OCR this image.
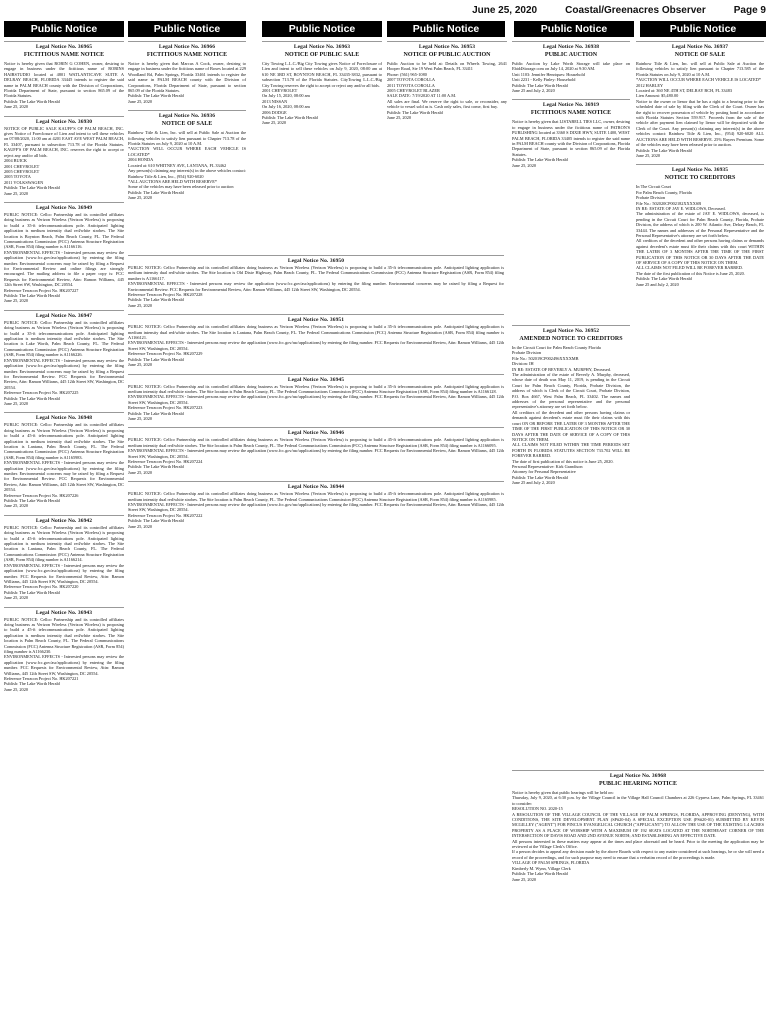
June 25, 2020	Coastal/Greenacres Observer	Page 9
Public Notice	Public Notice	Public Notice	Public Notice	Public Notice	Public Notice
Legal Notice No. 36965
FICTITIOUS NAME NOTICE
Notice is hereby given that ROBIN G COHEN, owner, desiring to engage in business under the fictitious name of ROBINS HAIRSTUDIO located at 4801 WATLANTICAVE SUITE A DELRAY BEACH, FLORIDA 33445 intends to register the said name in PALM BEACH county with the Division of Corporations, Florida Department of State, pursuant to section 865.09 of the Florida Statutes.
Publish: The Lake Worth Herald
June 25, 2020
Legal Notice No. 36930
NOTICE OF PUBLIC SALE KAUFF'S OF PALM BEACH, INC. gives Notice of Foreclosure of Lien and intent to sell these vehicles on 07/08/2020, 11:00 am at 4201 EAST AVE WEST PALM BEACH, FL 33407, pursuant to subsection 713.78 of the Florida Statutes. KAUFF'S OF PALM BEACH, INC. reserves the right to accept or reject any and/or all bids.
2004 BUICK
2001 CHEVROLET
2005 CHEVROLET
2005 TOYOTA
2011 VOLKSWAGEN
Publish: The Lake Worth Herald
June 25, 2020
Legal Notice No. 36949
PUBLIC NOTICE: Cellco Partnership and its controlled affiliates doing business as Verizon Wireless (Verizon Wireless) is proposing to build a 35-ft telecommunications pole. Anticipated lighting application is medium intensity dual red/white strobes. The Site location is Boynton Beach, Palm Beach County, FL. The Federal Communications Commission (FCC) Antenna Structure Registration (ASR, Form 854) filing number is A1166116.
ENVIRONMENTAL EFFECTS - Interested persons may review the application (www.fcc.gov/asr/applications) by entering the filing number. Environmental concerns may be raised by filing a Request for Environmental Review and online filings are strongly encouraged. The mailing address to file a paper copy is: FCC Requests for Environmental Review, Attn: Ramon Williams, 445 12th Street SW, Washington, DC 20554.
Reference Terracon Project No. HK207227
Publish: The Lake Worth Herald
June 25, 2020
Legal Notice No. 36947
PUBLIC NOTICE: Cellco Partnership and its controlled affiliates doing business as Verizon Wireless (Verizon Wireless) is proposing to build a 35-ft telecommunications pole. Anticipated lighting application is medium intensity dual red/white strobes. The Site location is Lake Worth, Palm Beach County, FL. The Federal Communications Commission (FCC) Antenna Structure Registration (ASR, Form 854) filing number is A1166226.
ENVIRONMENTAL EFFECTS - Interested persons may review the application (www.fcc.gov/asr/applications) by entering the filing number. Environmental concerns may be raised by filing a Request for Environmental Review. FCC Requests for Environmental Review, Attn: Ramon Williams, 445 12th Street SW, Washington, DC 20554.
Reference Terracon Project No. HK207225
Publish: The Lake Worth Herald
June 25, 2020
Legal Notice No. 36948
PUBLIC NOTICE: Cellco Partnership and its controlled affiliates doing business as Verizon Wireless (Verizon Wireless) is proposing to build a 45-ft telecommunications pole. Anticipated lighting application is medium intensity dual red/white strobes. The Site location is Lantana, Palm Beach County, FL. The Federal Communications Commission (FCC) Antenna Structure Registration (ASR, Form 854) filing number is A1165983.
ENVIRONMENTAL EFFECTS - Interested persons may review the application (www.fcc.gov/asr/applications) by entering the filing number. Environmental concerns may be raised by filing a Request for Environmental Review. FCC Requests for Environmental Review, Attn: Ramon Williams, 445 12th Street SW, Washington, DC 20554.
Reference Terracon Project No. HK207226
Publish: The Lake Worth Herald
June 25, 2020
Legal Notice No. 36942
PUBLIC NOTICE: Cellco Partnership and its controlled affiliates doing business as Verizon Wireless (Verizon Wireless) is proposing to build a 45-ft telecommunications pole. Anticipated lighting application is medium intensity dual red/white strobes. The Site location is Lantana, Palm Beach County, FL. The Federal Communications Commission (FCC) Antenna Structure Registration (ASR, Form 854) filing number is A1166214.
ENVIRONMENTAL EFFECTS - Interested persons may review the application (www.fcc.gov/asr/applications) by entering the filing number. FCC Requests for Environmental Review, Attn: Ramon Williams, 445 12th Street SW, Washington, DC 20554.
Reference Terracon Project No. HK207220
Publish: The Lake Worth Herald
June 25, 2020
Legal Notice No. 36943
PUBLIC NOTICE: Cellco Partnership and its controlled affiliates doing business as Verizon Wireless (Verizon Wireless) is proposing to build a 45-ft telecommunications pole. Anticipated lighting application is medium intensity dual red/white strobes. The Site location is Palm Beach County, FL. The Federal Communications Commission (FCC) Antenna Structure Registration (ASR, Form 854) filing number is A1166230.
ENVIRONMENTAL EFFECTS - Interested persons may review the application (www.fcc.gov/asr/applications) by entering the filing number. FCC Requests for Environmental Review, Attn: Ramon Williams, 445 12th Street SW, Washington, DC 20554.
Reference Terracon Project No. HK207221
Publish: The Lake Worth Herald
June 25, 2020
Legal Notice No. 36966
FICTITIOUS NAME NOTICE
Notice is hereby given that Marcus A Cook, owner, desiring to engage in business under the fictitious name of Boxes located at 229 Woodland Rd, Palm Springs, Florida 33461 intends to register the said name in PALM BEACH county with the Division of Corporations, Florida Department of State, pursuant to section 865.09 of the Florida Statutes.
Publish: The Lake Worth Herald
June 25, 2020
Legal Notice No. 36936
NOTICE OF SALE
Rainbow Title & Lien, Inc. will sell at Public Sale at Auction the following vehicles to satisfy lien pursuant to Chapter 713.78 of the Florida Statutes on July 9, 2020 at 10 A.M.
*AUCTION WILL OCCUR WHERE EACH VEHICLE IS LOCATED*
2004 HONDA
Located at: 610 WHITNEY AVE, LANTANA, FL 33462
Any person(s) claiming any interest(s) in the above vehicles contact: Rainbow Title & Lien, Inc., (954) 920-6020
*ALL AUCTIONS ARE HELD WITH RESERVE*
Some of the vehicles may have been released prior to auction
Publish: The Lake Worth Herald
June 25, 2020
Legal Notice No. 36963
NOTICE OF PUBLIC SALE
City Towing L.L.C./Big City Towing gives Notice of Foreclosure of Lien and intent to sell these vehicles on July 9, 2020, 08:00 am at 610 NE 3RD ST, BOYNTON BEACH, FL 33435-3832, pursuant to subsection 713.78 of the Florida Statutes. CityTowing L.L.C./Big City Towing reserves the right to accept or reject any and/or all bids.
2001 CHEVROLET
On July 15, 2020, 08:00 am
2013 NISSAN
On July 16, 2020, 08:00 am
2006 DODGE
Publish: The Lake Worth Herald
June 25, 2020
Legal Notice No. 36953
NOTICE OF PUBLIC AUCTION
Public Auction to be held at: Details on Wheels Towing, 2641 Hooper Road, Ste 19 West Palm Beach, FL 33411
Phone: (561) 965-1080
2007 TOYOTA COROLLA
2011 TOYOTA COROLLA
2005 CHEVROLET BLAZER
SALE DATE: 7/19/2020 AT 11:00 A.M.
All sales are final. We reserve the right to sale, or reconsider, any vehicle to vessel sold as is. Cash only sales, first come, first buy.
Publish: The Lake Worth Herald
June 25, 2020
Legal Notice No. 36938
PUBLIC AUCTION
Public Auction by Lake Worth Storage will take place on Ebid4Storage.com on July 14, 2020 at 9:30 AM.
Unit 1103: Jennifer Henriques: Household
Unit 2231 - Kelly Finley: Household
Publish: The Lake Worth Herald
June 25 and July 2, 2020
Legal Notice No. 36919
FICTITIOUS NAME NOTICE
Notice is hereby given that LISTABELL TIES LLC, owner, desiring to engage in business under the fictitious name of PATRON'S PUBLISHING located at 3360 S DIXIE HWY, SUITE 1400, WEST PALM BEACH, FLORIDA 33405 intends to register the said name in PALM BEACH county with the Division of Corporations, Florida Department of State, pursuant to section 865.09 of the Florida Statutes.
Publish: The Lake Worth Herald
June 25, 2020
Legal Notice No. 36937
NOTICE OF SALE
Rainbow Title & Lien, Inc. will sell at Public Sale at Auction the following vehicles to satisfy lien pursuant to Chapter 713.585 of the Florida Statutes on July 9, 2020 at 10 A.M.
*AUCTION WILL OCCUR WHERE EACH VEHICLE IS LOCATED*
2012 HARLEY
Located at: 360 NE 4TH ST, DELRAY BCH, FL 33483
Lien Amount: $5,480.00
Notice to the owner or lienor that he has a right to a hearing prior to the scheduled date of sale by filing with the Clerk of the Court. Owner has the right to recover possession of vehicle by posting bond in accordance with Florida Statutes Section 559.917. Proceeds from the sale of the vehicle after payment lien claimed by lienor will be deposited with the Clerk of the Court. Any person(s) claiming any interest(s) in the above vehicles contact: Rainbow Title & Lien, Inc., (954) 920-6020 ALL AUCTIONS ARE HELD WITH RESERVE. 25% Buyers Premium. Some of the vehicles may have been released prior to auction.
Publish: The Lake Worth Herald
June 25, 2020
Legal Notice No. 36935
NOTICE TO CREDITORS
In The Circuit Court
For Palm Beach County, Florida
Probate Division
File No.: 502020CP002182XXXXSB
IN RE: ESTATE OF JAY E. WIDLOWS, Deceased.
The administration of the estate of JAY E. WIDLOWS, deceased, is pending in the Circuit Court for Palm Beach County, Florida, Probate Division, the address of which is 200 W. Atlantic Ave, Delray Beach, FL 33444. The names and addresses of the Personal Representative and the Personal Representative's attorney are set forth below.
All creditors of the decedent and other persons having claims or demands against decedent's estate must file their claims with this court WITHIN THE LATER OF 3 MONTHS AFTER THE TIME OF THE FIRST PUBLICATION OF THIS NOTICE OR 30 DAYS AFTER THE DATE OF SERVICE OF A COPY OF THIS NOTICE ON THEM.
ALL CLAIMS NOT FILED WILL BE FOREVER BARRED.
The date of the first publication of this Notice is June 25, 2020.
Publish: The Lake Worth Herald
June 25 and July 2, 2020
Legal Notice No. 36950
PUBLIC NOTICE: Cellco Partnership and its controlled affiliates doing business as Verizon Wireless (Verizon Wireless) is proposing to build a 35-ft telecommunications pole. Anticipated lighting application is medium intensity dual red/white strobes. The Site location is Old Dixie Highway, Palm Beach County, FL. The Federal Communications Commission (FCC) Antenna Structure Registration (ASR, Form 854) filing number is A1166117.
ENVIRONMENTAL EFFECTS - Interested persons may review the application (www.fcc.gov/asr/applications) by entering the filing number. Environmental concerns may be raised by filing a Request for Environmental Review. FCC Requests for Environmental Review, Attn: Ramon Williams, 445 12th Street SW, Washington, DC 20554.
Reference Terracon Project No. HK207228
Publish: The Lake Worth Herald
June 25, 2020
Legal Notice No. 36951
PUBLIC NOTICE: Cellco Partnership and its controlled affiliates doing business as Verizon Wireless (Verizon Wireless) is proposing to build a 35-ft telecommunications pole. Anticipated lighting application is medium intensity dual red/white strobes. The Site location is Lantana, Palm Beach County, FL. The Federal Communications Commission (FCC) Antenna Structure Registration (ASR, Form 854) filing number is A1166121.
ENVIRONMENTAL EFFECTS - Interested persons may review the application (www.fcc.gov/asr/applications) by entering the filing number. FCC Requests for Environmental Review, Attn: Ramon Williams, 445 12th Street SW, Washington, DC 20554.
Reference Terracon Project No. HK207229
Publish: The Lake Worth Herald
June 25, 2020
Legal Notice No. 36945
PUBLIC NOTICE: Cellco Partnership and its controlled affiliates doing business as Verizon Wireless (Verizon Wireless) is proposing to build a 35-ft telecommunications pole. Anticipated lighting application is medium intensity dual red/white strobes. The Site location is Palm Beach County, FL. The Federal Communications Commission (FCC) Antenna Structure Registration (ASR, Form 854) filing number is A1166128.
ENVIRONMENTAL EFFECTS - Interested persons may review the application (www.fcc.gov/asr/applications) by entering the filing number. FCC Requests for Environmental Review, Attn: Ramon Williams, 445 12th Street SW, Washington, DC 20554.
Reference Terracon Project No. HK207223
Publish: The Lake Worth Herald
June 25, 2020
Legal Notice No. 36946
PUBLIC NOTICE: Cellco Partnership and its controlled affiliates doing business as Verizon Wireless (Verizon Wireless) is proposing to build a 45-ft telecommunications pole. Anticipated lighting application is medium intensity dual red/white strobes. The Site location is Palm Beach County, FL. The Federal Communications Commission (FCC) Antenna Structure Registration (ASR, Form 854) filing number is A1166095.
ENVIRONMENTAL EFFECTS - Interested persons may review the application (www.fcc.gov/asr/applications) by entering the filing number. FCC Requests for Environmental Review, Attn: Ramon Williams, 445 12th Street SW, Washington, DC 20554.
Reference Terracon Project No. HK207224
Publish: The Lake Worth Herald
June 25, 2020
Legal Notice No. 36944
PUBLIC NOTICE: Cellco Partnership and its controlled affiliates doing business as Verizon Wireless (Verizon Wireless) is proposing to build a 45-ft telecommunications pole. Anticipated lighting application is medium intensity dual red/white strobes. The Site location is Palm Beach County, FL. The Federal Communications Commission (FCC) Antenna Structure Registration (ASR, Form 854) filing number is A1165985.
ENVIRONMENTAL EFFECTS - Interested persons may review the application (www.fcc.gov/asr/applications) by entering the filing number. FCC Requests for Environmental Review, Attn: Ramon Williams, 445 12th Street SW, Washington, DC 20554.
Reference Terracon Project No. HK207222
Publish: The Lake Worth Herald
June 25, 2020
Legal Notice No. 36952
AMENDED NOTICE TO CREDITORS
In the Circuit Court for Palm Beach County Florida
Probate Division
File No.: 502019CP002496XXXXMB
Division: IH
IN RE: ESTATE OF BEVERLY A. MURPHY, Deceased.
The administration of the estate of Beverly A. Murphy, deceased, whose date of death was May 11, 2019, is pending in the Circuit Court for Palm Beach County, Florida, Probate Division, the address of which is Clerk of the Circuit Court, Probate Division, P.O. Box 4667, West Palm Beach, FL 33402. The names and addresses of the personal representative and the personal representative's attorney are set forth below.
All creditors of the decedent and other persons having claims or demands against decedent's estate must file their claims with this court ON OR BEFORE THE LATER OF 3 MONTHS AFTER THE TIME OF THE FIRST PUBLICATION OF THIS NOTICE OR 30 DAYS AFTER THE DATE OF SERVICE OF A COPY OF THIS NOTICE ON THEM.
ALL CLAIMS NOT FILED WITHIN THE TIME PERIODS SET FORTH IN FLORIDA STATUTES SECTION 733.702 WILL BE FOREVER BARRED.
The date of first publication of this notice is June 25, 2020.
Personal Representative: Kirk Grandison
Attorney for Personal Representative
Publish: The Lake Worth Herald
June 25 and July 2, 2020
Legal Notice No. 36968
PUBLIC HEARING NOTICE
Notice is hereby given that public hearings will be held on:
Thursday, July 9, 2020, at 6:30 p.m. by the Village Council in the Village Hall Council Chambers at 226 Cypress Lane, Palm Springs, FL 33461 to consider:
RESOLUTION NO. 2020-15
A RESOLUTION OF THE VILLAGE COUNCIL OF THE VILLAGE OF PALM SPRINGS, FLORIDA, APPROVING (DENYING), WITH CONDITIONS, THE SITE DEVELOPMENT PLAN (SP#20-04) A SPECIAL EXCEPTION USE (PS#20-01) SUBMITTED BY KEVIN MCGILLEY ("AGENT") FOR PINCUS EVANGELICAL CHURCH ("APPLICANT") TO ALLOW THE USE OF THE EXISTING 1.4 ACRES PROPERTY AS A PLACE OF WORSHIP WITH A MAXIMUM OF 192 SEATS LOCATED AT THE NORTHEAST CORNER OF THE INTERSECTION OF DAVIS ROAD AND 2ND AVENUE NORTH; AND ESTABLISHING AN EFFECTIVE DATE.
All persons interested in these matters may appear at the times and place aforesaid and be heard. Prior to the meeting the application may be reviewed at the Village Clerk's Office.
If a person decides to appeal any decision made by the above Boards with respect to any matter considered at such hearings, he or she will need a record of the proceedings, and for such purpose may need to ensure that a verbatim record of the proceedings is made.
VILLAGE OF PALM SPRINGS, FLORIDA
Kimberly M. Wynn, Village Clerk
Publish: The Lake Worth Herald
June 25, 2020
